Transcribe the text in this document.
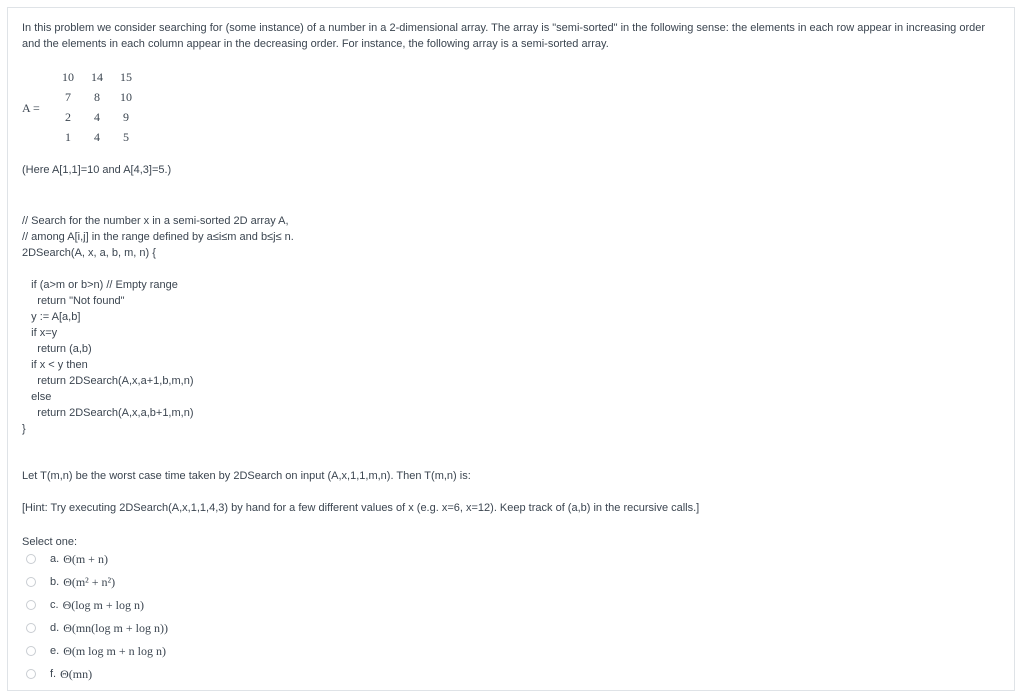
In this problem we consider searching for (some instance) of a number in a 2-dimensional array. The array is "semi-sorted" in the following sense: the elements in each row appear in increasing order and the elements in each column appear in the decreasing order. For instance, the following array is a semi-sorted array.

A =
10	14	15
7	8	10
2	4	9
1	4	5
(Here A[1,1]=10 and A[4,3]=5.)
// Search for the number x in a semi-sorted 2D array A,
// among A[i,j] in the range defined by a≤i≤m and b≤j≤ n.
2DSearch(A, x, a, b, m, n) {
if (a>m or b>n) // Empty range
return "Not found"
y := A[a,b]
if x=y
return (a,b)
if x < y then
return 2DSearch(A,x,a+1,b,m,n)
else
return 2DSearch(A,x,a,b+1,m,n)
}
Let T(m,n) be the worst case time taken by 2DSearch on input (A,x,1,1,m,n). Then T(m,n) is:
[Hint: Try executing 2DSearch(A,x,1,1,4,3) by hand for a few different values of x (e.g. x=6, x=12). Keep track of (a,b) in the recursive calls.]
Select one:
a. Θ(m + n)
b. Θ(m² + n²)
c. Θ(log m + log n)
d. Θ(mn(log m + log n))
e. Θ(m log m + n log n)
f. Θ(mn)
